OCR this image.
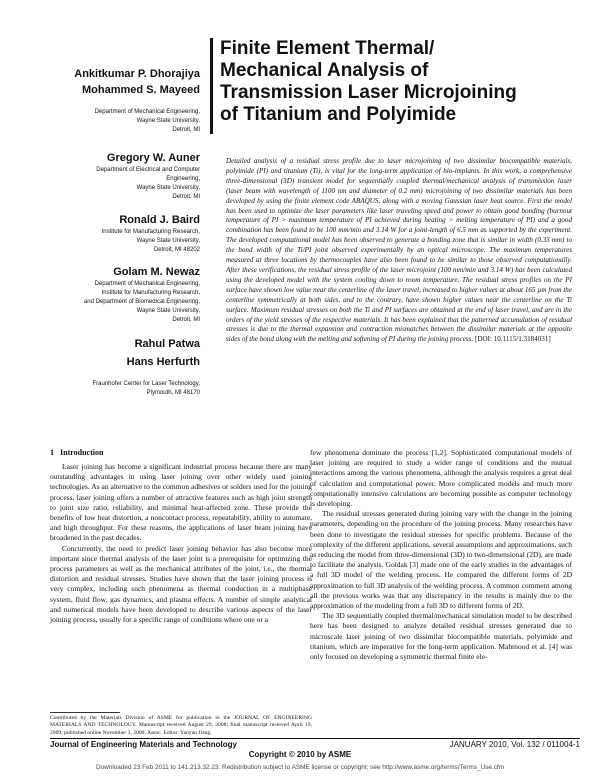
Ankitkumar P. Dhorajiya
Mohammed S. Mayeed
Department of Mechanical Engineering,
Wayne State University,
Detroit, MI
Gregory W. Auner
Department of Electrical and Computer
Engineering,
Wayne State University,
Detroit, MI
Ronald J. Baird
Institute for Manufacturing Research,
Wayne State University,
Detroit, MI 48202
Golam M. Newaz
Department of Mechanical Engineering,
Institute for Manufacturing Research,
and Department of Biomedical Engineering,
Wayne State University,
Detroit, MI
Rahul Patwa
Hans Herfurth
Fraunhofer Center for Laser Technology,
Plymouth, MI 48170
Finite Element Thermal/
Mechanical Analysis of
Transmission Laser Microjoining
of Titanium and Polyimide
Detailed analysis of a residual stress profile due to laser microjoining of two dissimilar biocompatible materials, polyimide (PI) and titanium (Ti), is vital for the long-term application of bio-implants. In this work, a comprehensive three-dimensional (3D) transient model for sequentially coupled thermal/mechanical analysis of transmission laser (laser beam with wavelength of 1100 nm and diameter of 0.2 mm) microjoining of two dissimilar materials has been developed by using the finite element code ABAQUS, along with a moving Gaussian laser heat source. First the model has been used to optimize the laser parameters like laser traveling speed and power to obtain good bonding (burnout temperature of PI > maximum temperature of PI achieved during heating > melting temperature of PI) and a good combination has been found to be 100 mm/min and 3.14 W for a joint-length of 6.5 mm as supported by the experiment. The developed computational model has been observed to generate a bonding zone that is similar in width (0.33 mm) to the bond width of the Ti/PI joint observed experimentally by an optical microscope. The maximum temperatures measured at three locations by thermocouples have also been found to be similar to those observed computationally. After these verifications, the residual stress profile of the laser microjoint (100 mm/min and 3.14 W) has been calculated using the developed model with the system cooling down to room temperature. The residual stress profiles on the PI surface have shown low value near the centerline of the laser travel, increased to higher values at about 165 µm from the centerline symmetrically at both sides, and to the contrary, have shown higher values near the centerline on the Ti surface. Maximum residual stresses on both the Ti and PI surfaces are obtained at the end of laser travel, and are in the orders of the yield stresses of the respective materials. It has been explained that the patterned accumulation of residual stresses is due to the thermal expansion and contraction mismatches between the dissimilar materials at the opposite sides of the bond along with the melting and softening of PI during the joining process. [DOI: 10.1115/1.3184031]
1 Introduction

Laser joining has become a significant industrial process because there are many outstanding advantages in using laser joining over other widely used joining technologies. As an alternative to the common adhesives or solders used for the joining process, laser joining offers a number of attractive features such as high joint strength to joint size ratio, reliability, and minimal heat-affected zone. These provide the benefits of low heat distortion, a noncontact process, repeatability, ability to automate, and high throughput. For these reasons, the applications of laser beam joining have broadened in the past decades.

Concurrently, the need to predict laser joining behavior has also become more important since thermal analysis of the laser joint is a prerequisite for optimizing the process parameters as well as the mechanical attributes of the joint, i.e., the thermal distortion and residual stresses. Studies have shown that the laser joining process is very complex, including such phenomena as thermal conduction in a multiphase system, fluid flow, gas dynamics, and plasma effects. A number of simple analytical and numerical models have been developed to describe various aspects of the laser joining process, usually for a specific range of conditions where one or a

few phenomena dominate the process [1,2]. Sophisticated computational models of laser joining are required to study a wider range of conditions and the mutual interactions among the various phenomena, although the analysis requires a great deal of calculation and computational power. More complicated models and much more computationally intensive calculations are becoming possible as computer technology is developing.

The residual stresses generated during joining vary with the change in the joining parameters, depending on the procedure of the joining process. Many researches have been done to investigate the residual stresses for specific problems. Because of the complexity of the different applications, several assumptions and approximations, such as reducing the model from three-dimensional (3D) to two-dimensional (2D), are made to facilitate the analysis. Goldak [3] made one of the early studies in the advantages of a full 3D model of the welding process. He compared the different forms of 2D approximation to full 3D analysis of the welding process. A common comment among all the previous works was that any discrepancy in the results is mainly due to the approximation of the modeling from a full 3D to different forms of 2D.

The 3D sequentially coupled thermal/mechanical simulation model to be described here has been designed to analyze detailed residual stresses generated due to microscale laser joining of two dissimilar biocompatible materials, polyimide and titanium, which are imperative for the long-term application. Mahmood et al. [4] was only focused on developing a symmetric thermal finite ele-

Contributed by the Materials Division of ASME for publication in the JOURNAL OF ENGINEERING MATERIALS AND TECHNOLOGY. Manuscript received August 29, 2008; final manuscript received April 19, 2009; published online November 3, 2009. Assoc. Editor: Yanyan Jiang.
Journal of Engineering Materials and Technology	JANUARY 2010, Vol. 132 / 011004-1
Copyright © 2010 by ASME
Downloaded 23 Feb 2011 to 141.213.32.23. Redistribution subject to ASME license or copyright; see http://www.asme.org/terms/Terms_Use.cfm
